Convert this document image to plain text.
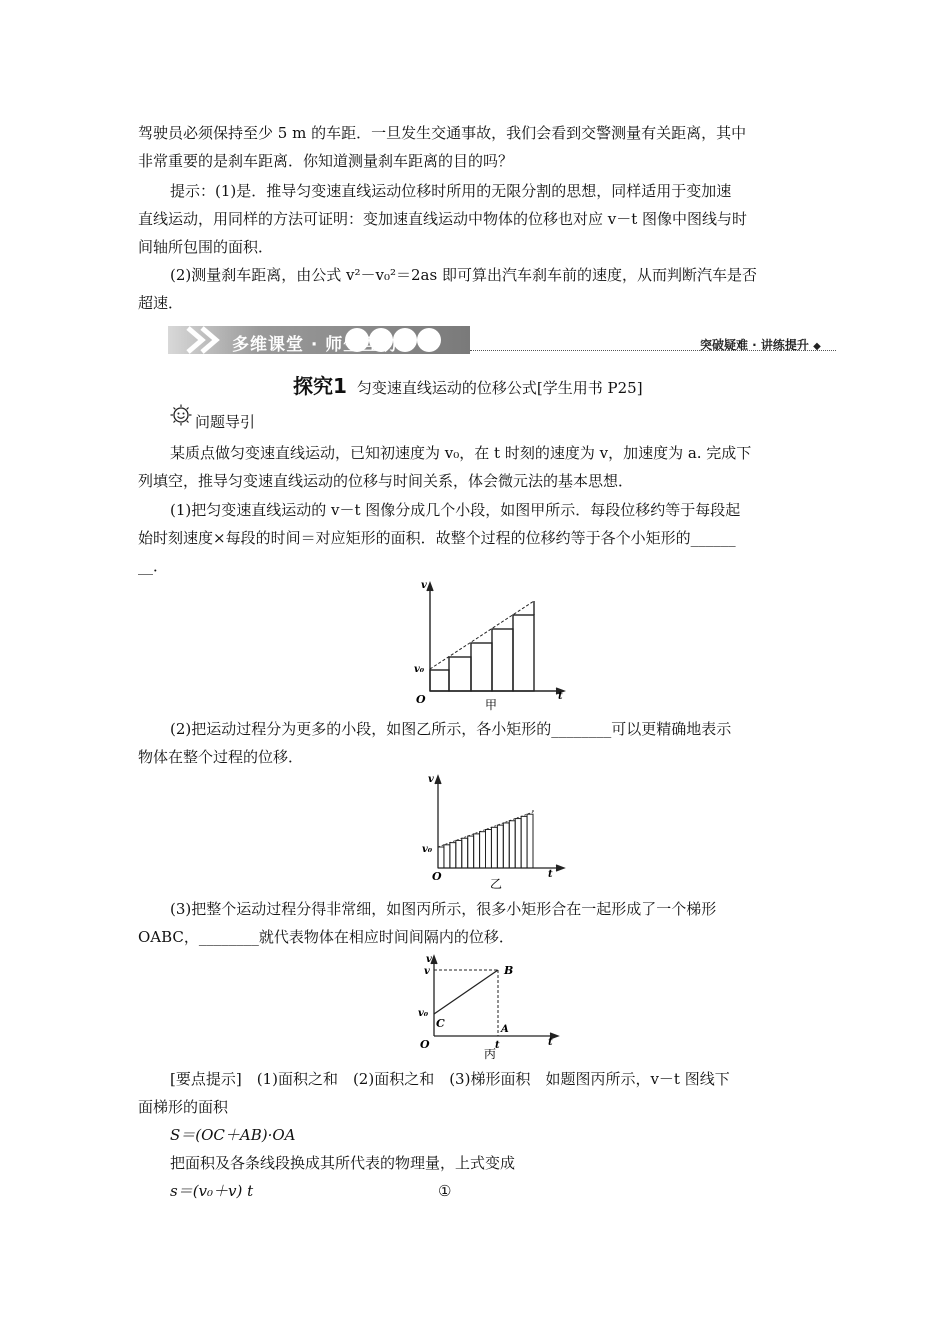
驾驶员必须保持至少 5 m 的车距．一旦发生交通事故，我们会看到交警测量有关距离，其中
非常重要的是刹车距离．你知道测量刹车距离的目的吗？
提示：(1)是．推导匀变速直线运动位移时所用的无限分割的思想，同样适用于变加速
直线运动，用同样的方法可证明：变加速直线运动中物体的位移也对应 v－t 图像中图线与时
间轴所包围的面积．
(2)测量刹车距离，由公式 v²－v₀²＝2as 即可算出汽车刹车前的速度，从而判断汽车是否
超速．
多维课堂 · 师生互动	突破疑难 · 讲练提升 ◆
探究1 匀变速直线运动的位移公式[学生用书 P25]
问题导引
某质点做匀变速直线运动，已知初速度为 v₀，在 t 时刻的速度为 v，加速度为 a. 完成下
列填空，推导匀变速直线运动的位移与时间关系，体会微元法的基本思想．
(1)把匀变速直线运动的 v－t 图像分成几个小段，如图甲所示．每段位移约等于每段起
始时刻速度×每段的时间＝对应矩形的面积．故整个过程的位移约等于各个小矩形的______
__．
v
v₀
O	t
甲
(2)把运动过程分为更多的小段，如图乙所示，各小矩形的________可以更精确地表示
物体在整个过程的位移．
v
v₀
O	t
乙
(3)把整个运动过程分得非常细，如图丙所示，很多小矩形合在一起形成了一个梯形
OABC，________就代表物体在相应时间间隔内的位移．
v
v
v₀
C
B
A
O	t	t
丙
[要点提示]　(1)面积之和　(2)面积之和　(3)梯形面积　如题图丙所示，v－t 图线下
面梯形的面积
S＝(OC＋AB)·OA
把面积及各条线段换成其所代表的物理量，上式变成
s＝(v₀＋v) t	①
